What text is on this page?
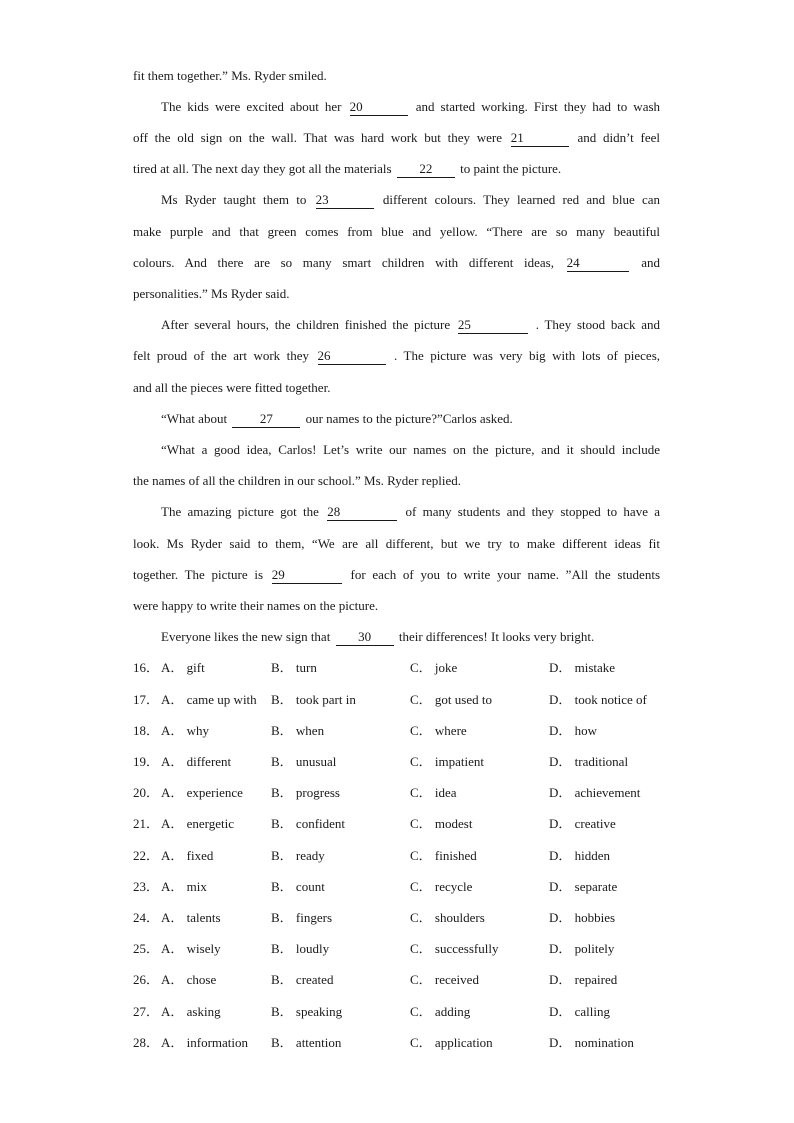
fit them together.” Ms. Ryder smiled.
The kids were excited about her 20	and started working. First they had to wash
off the old sign on the wall. That was hard work but they were 21	and didn’t feel
tired at all. The next day they got all the materials 22 to paint the picture.
Ms Ryder taught them to 23	different colours. They learned red and blue can
make purple and that green comes from blue and yellow. “There are so many beautiful
colours. And there are so many smart children with different ideas, 24	and
personalities.” Ms Ryder said.
After several hours, the children finished the picture 25	. They stood back and
felt proud of the art work they 26	. The picture was very big with lots of pieces,
and all the pieces were fitted together.
“What about	27	our names to the picture?”Carlos asked.
“What a good idea, Carlos! Let’s write our names on the picture, and it should include
the names of all the children in our school.” Ms. Ryder replied.
The amazing picture got the 28	of many students and they stopped to have a
look. Ms Ryder said to them, “We are all different, but we try to make different ideas fit
together. The picture is 29	for each of you to write your name. ”All the students
were happy to write their names on the picture.
Everyone likes the new sign that 30 their differences! It looks very bright.
16． A． gift	B． turn	C． joke	D． mistake
17． A． came up with B． took part in	C． got used to	D． took notice of
18． A． why	B． when	C． where	D． how
19． A． different	B． unusual	C． impatient	D． traditional
20． A． experience B． progress	C． idea	D． achievement
21． A． energetic	B． confident	C． modest	D． creative
22． A． fixed	B． ready	C． finished	D． hidden
23． A． mix	B． count	C． recycle	D． separate
24． A． talents	B． fingers	C． shoulders	D． hobbies
25． A． wisely	B． loudly	C． successfully	D． politely
26． A． chose	B． created	C． received	D． repaired
27． A． asking	B． speaking	C． adding	D． calling
28． A． information B． attention	C． application	D． nomination
